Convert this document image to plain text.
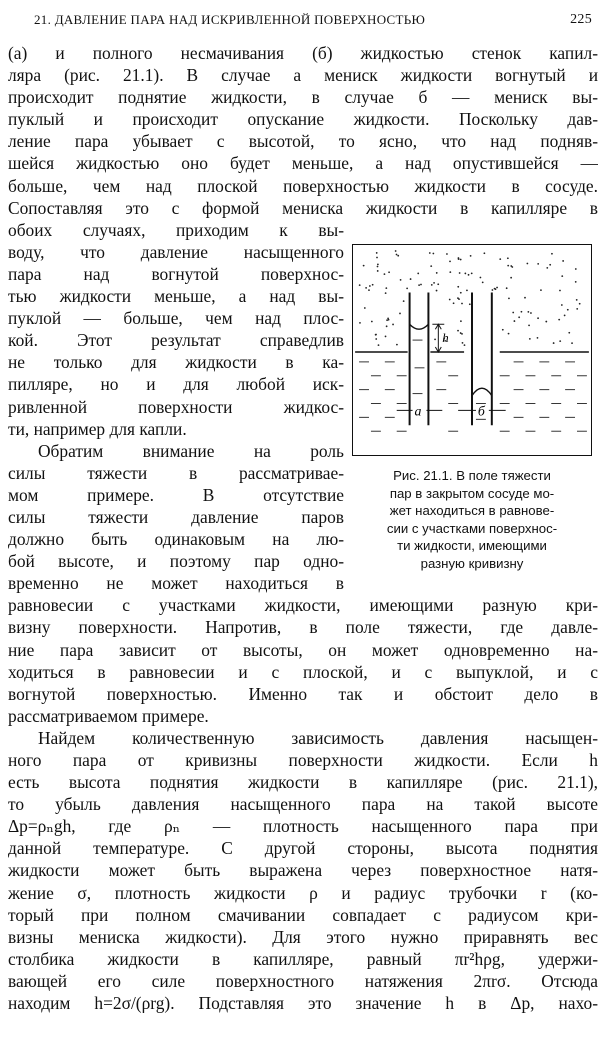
21. ДАВЛЕНИЕ ПАРА НАД ИСКРИВЛЕННОЙ ПОВЕРХНОСТЬЮ	225
(а) и полного несмачивания (б) жидкостью стенок капил-
ляра (рис. 21.1). В случае а мениск жидкости вогнутый и
происходит поднятие жидкости, в случае б — мениск вы-
пуклый и происходит опускание жидкости. Поскольку дав-
ление пара убывает с высотой, то ясно, что над подняв-
шейся жидкостью оно будет меньше, а над опустившейся —
больше, чем над плоской поверхностью жидкости в сосуде.
Сопоставляя это с формой мениска жидкости в капилляре в
обоих случаях, приходим к вы-
воду, что давление насыщенного
пара над вогнутой поверхнос-
тью жидкости меньше, а над вы-
пуклой — больше, чем над плос-
кой. Этот результат справедлив
не только для жидкости в ка-
пилляре, но и для любой иск-
ривленной поверхности жидкос-
ти, например для капли.
Обратим внимание на роль
силы тяжести в рассматривае-
мом примере. В отсутствие
силы тяжести давление паров
должно быть одинаковым на лю-
бой высоте, и поэтому пар одно-
временно не может находиться в
равновесии с участками жидкости, имеющими разную кри-
визну поверхности. Напротив, в поле тяжести, где давле-
ние пара зависит от высоты, он может одновременно на-
ходиться в равновесии и с плоской, и с выпуклой, и с
вогнутой поверхностью. Именно так и обстоит дело в
рассматриваемом примере.
Найдем количественную зависимость давления насыщен-
ного пара от кривизны поверхности жидкости. Если h
есть высота поднятия жидкости в капилляре (рис. 21.1),
то убыль давления насыщенного пара на такой высоте
Δp=ρₙgh, где ρₙ — плотность насыщенного пара при
данной температуре. С другой стороны, высота поднятия
жидкости может быть выражена через поверхностное натя-
жение σ, плотность жидкости ρ и радиус трубочки r (ко-
торый при полном смачивании совпадает с радиусом кри-
визны мениска жидкости). Для этого нужно приравнять вес
столбика жидкости в капилляре, равный πr²hρg, удержи-
вающей его силе поверхностного натяжения 2πrσ. Отсюда
находим h=2σ/(ρrg). Подставляя это значение h в Δp, нахо-
h
a	б
Рис. 21.1. В поле тяжести
пар в закрытом сосуде мо-
жет находиться в равнове-
сии с участками поверхнос-
ти жидкости, имеющими
разную кривизну
